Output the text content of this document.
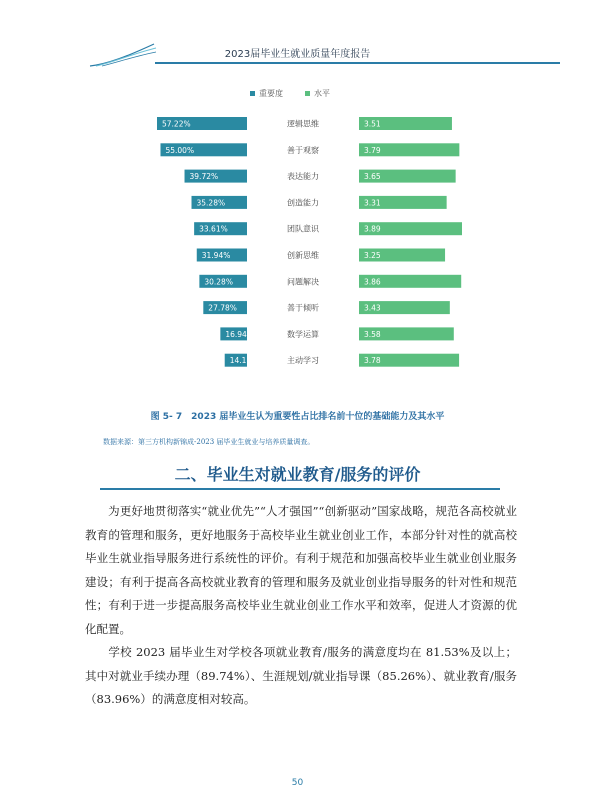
2023届毕业生就业质量年度报告
重要度	水平
57.22%	逻辑思维	3.51
55.00%	善于观察	3.79
39.72%	表达能力	3.65
35.28%	创造能力	3.31
33.61%	团队意识	3.89
31.94%	创新思维	3.25
30.28%	问题解决	3.86
27.78%	善于倾听	3.43
16.94%	数学运算	3.58
14.17%	主动学习	3.78
图 5- 7　2023 届毕业生认为重要性占比排名前十位的基础能力及其水平
数据来源：第三方机构新锦成-2023 届毕业生就业与培养质量调查。
二、毕业生对就业教育/服务的评价

为更好地贯彻落实“就业优先”“人才强国”“创新驱动”国家战略，规范各高校就业教育的管理和服务，更好地服务于高校毕业生就业创业工作，本部分针对性的就高校毕业生就业指导服务进行系统性的评价。有利于规范和加强高校毕业生就业创业服务建设；有利于提高各高校就业教育的管理和服务及就业创业指导服务的针对性和规范性；有利于进一步提高服务高校毕业生就业创业工作水平和效率，促进人才资源的优化配置。

学校 2023 届毕业生对学校各项就业教育/服务的满意度均在 81.53%及以上；其中对就业手续办理（89.74%）、生涯规划/就业指导课（85.26%）、就业教育/服务（83.96%）的满意度相对较高。

50
